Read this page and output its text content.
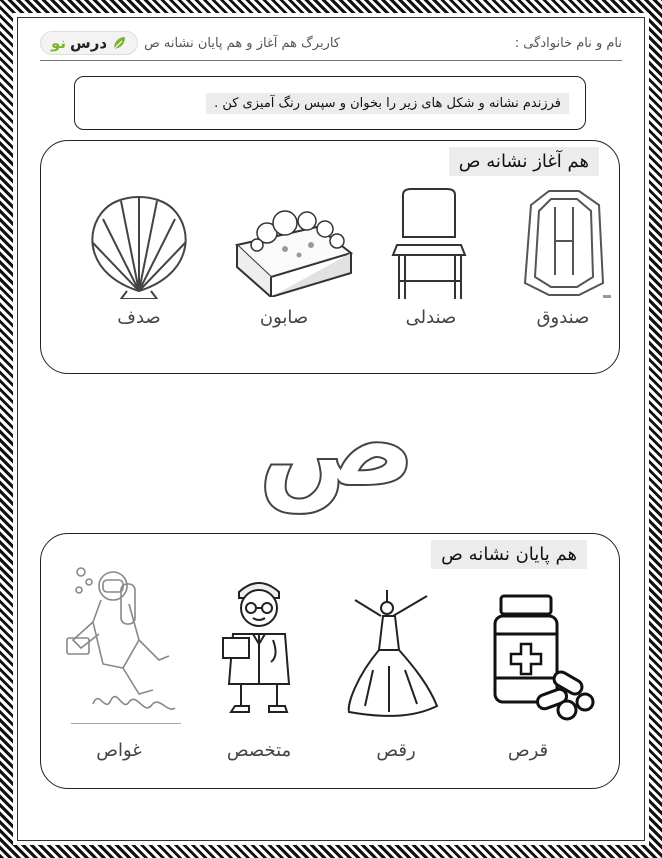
نام و نام خانوادگی :
کاربرگ هم آغاز و هم پایان نشانه ص
درس
نو
فرزندم نشانه و شکل های زیر را بخوان و سپس رنگ آمیزی کن .
هم آغاز نشانه ص
صندوق
صندلی
صابون
صدف
ص
هم پایان نشانه ص
قرص
رقص
متخصص
غواص
